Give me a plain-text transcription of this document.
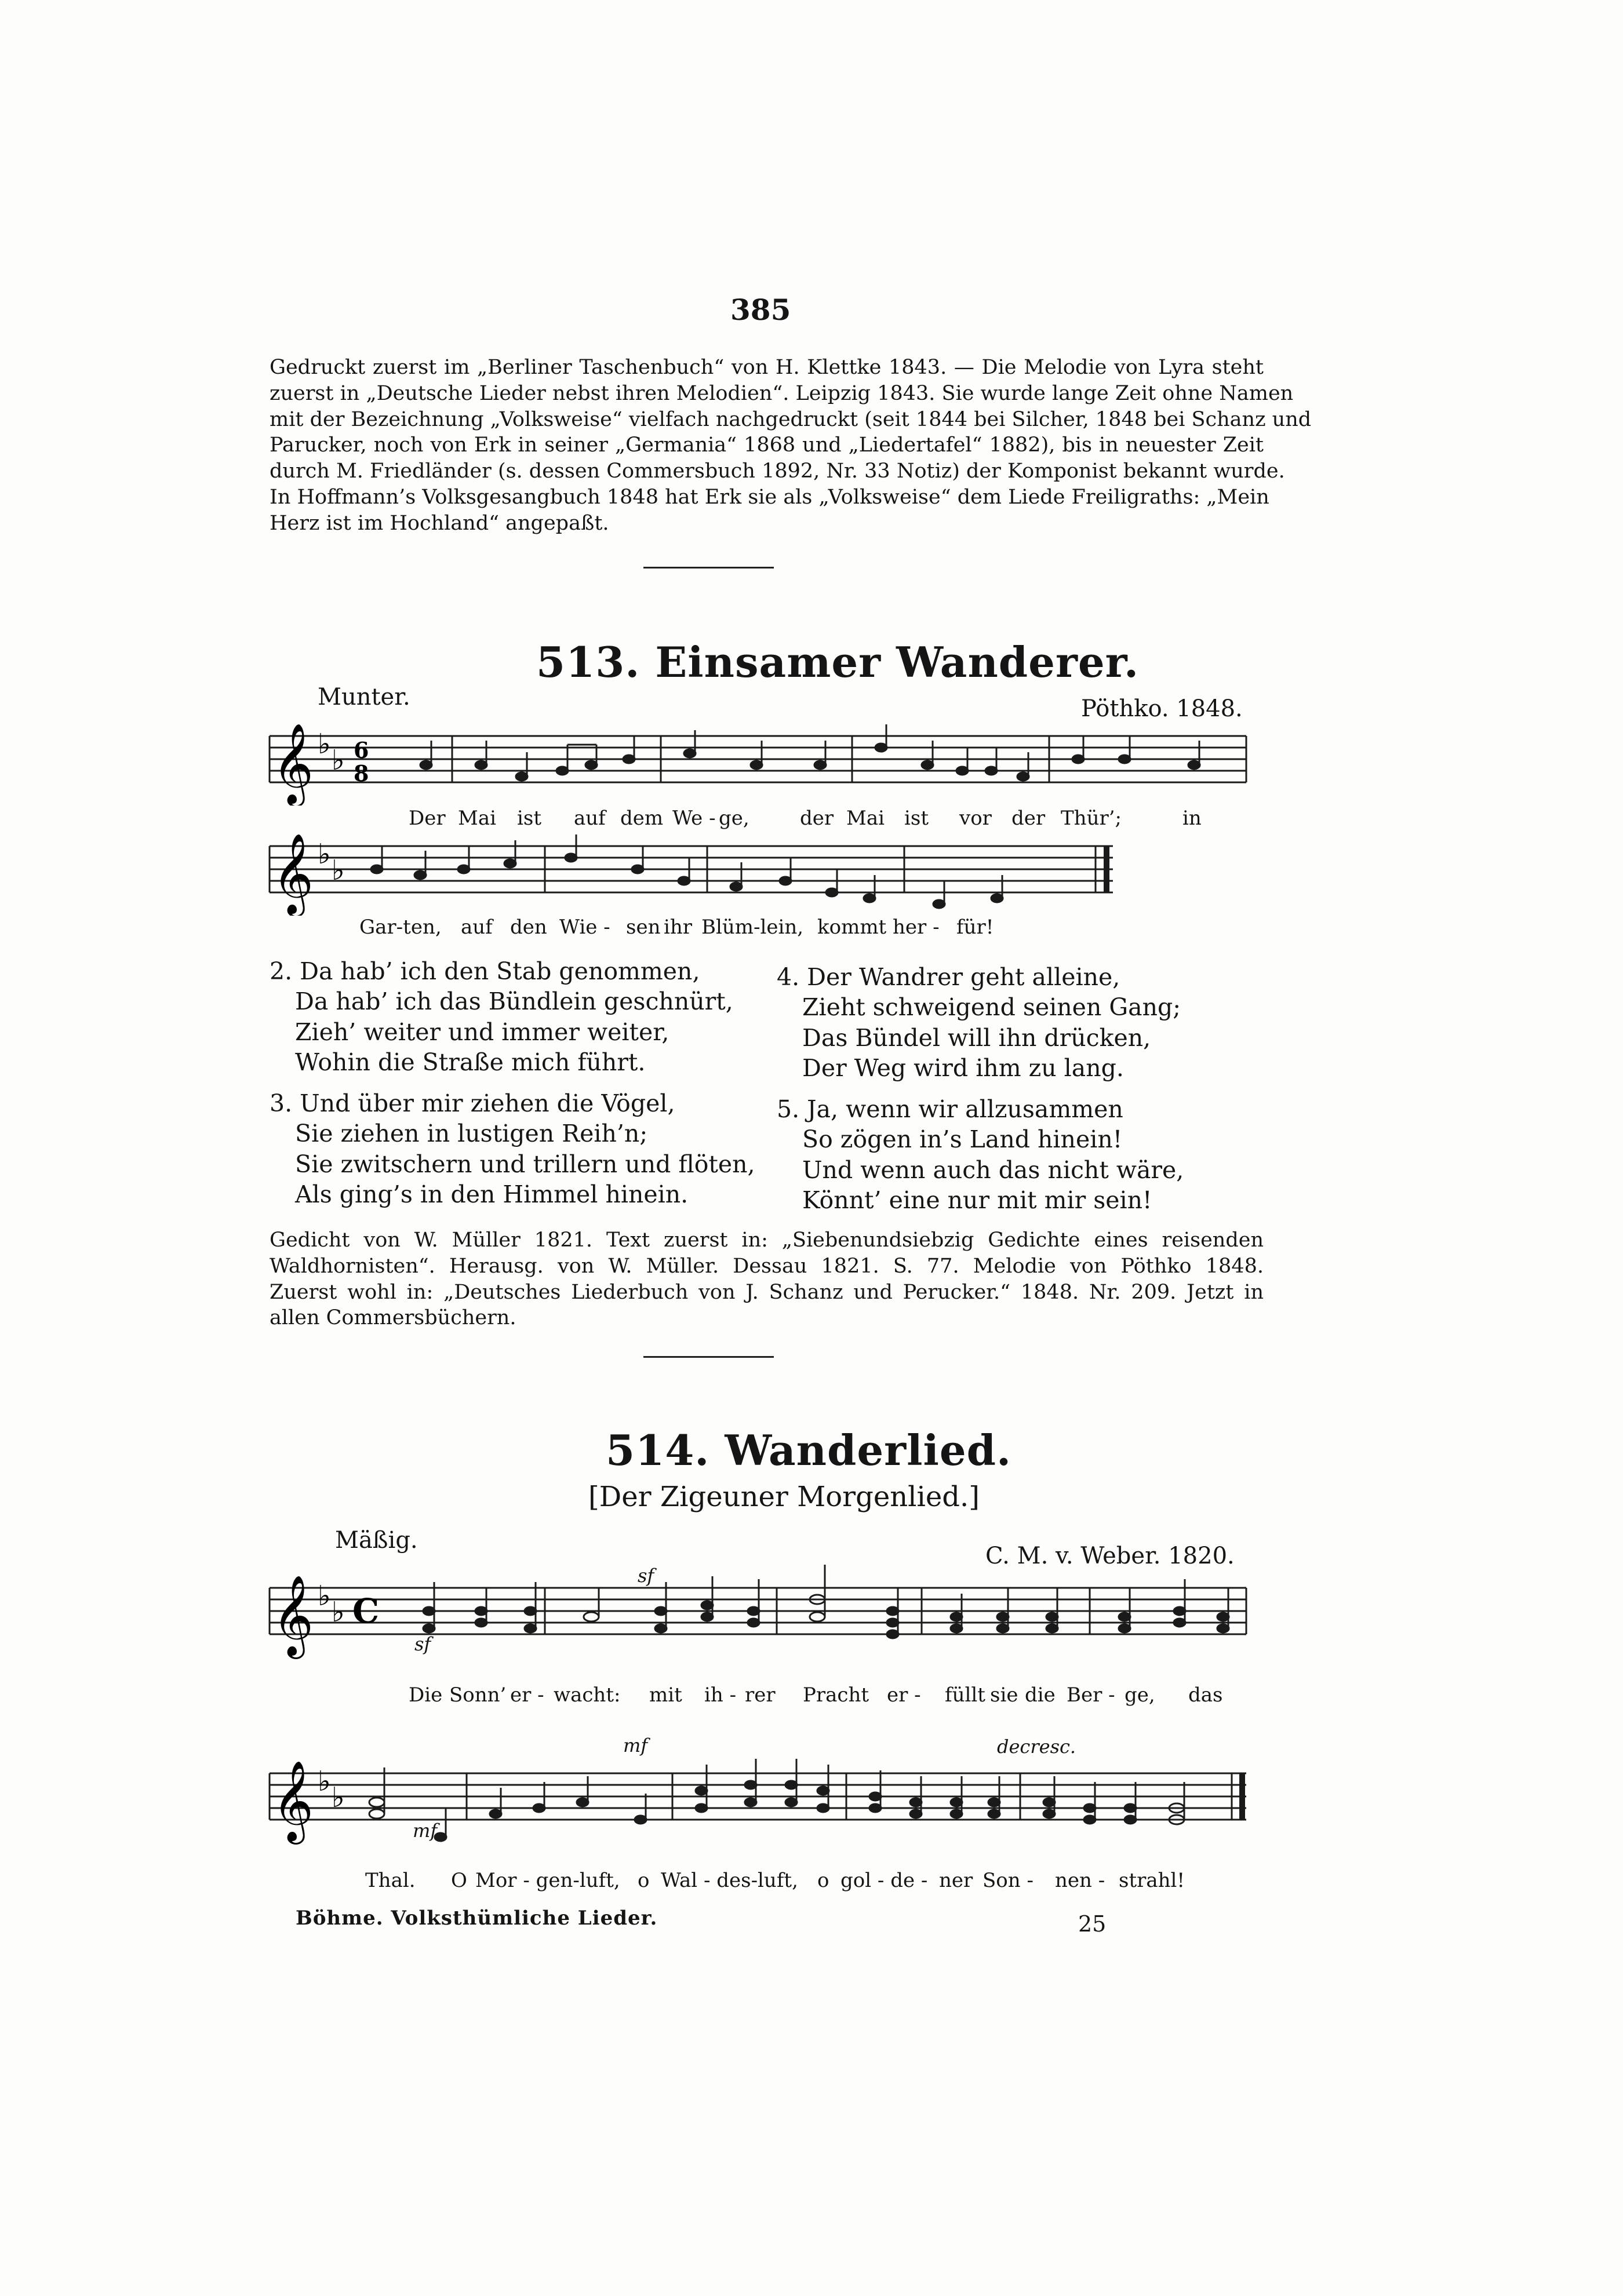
385
Gedruckt zuerst im „Berliner Taschenbuch“ von H. Klettke 1843. — Die Melodie von Lyra steht
zuerst in „Deutsche Lieder nebst ihren Melodien“. Leipzig 1843. Sie wurde lange Zeit ohne Namen
mit der Bezeichnung „Volksweise“ vielfach nachgedruckt (seit 1844 bei Silcher, 1848 bei Schanz und
Parucker, noch von Erk in seiner „Germania“ 1868 und „Liedertafel“ 1882), bis in neuester Zeit
durch M. Friedländer (s. dessen Commersbuch 1892, Nr. 33 Notiz) der Komponist bekannt wurde.
In Hoffmann’s Volksgesangbuch 1848 hat Erk sie als „Volksweise“ dem Liede Freiligraths: „Mein
Herz ist im Hochland“ angepaßt.
513. Einsamer Wanderer.
Munter.	Pöthko. 1848.
𝄞 ♭ ♭ 6
8
Der Mai ist auf dem We - ge,	der Mai ist vor der Thür’;	in
𝄞 ♭ ♭
Gar-ten, auf den Wie - sen ihr Blüm-lein, kommt her - für!
2. Da hab’ ich den Stab genommen,
Da hab’ ich das Bündlein geschnürt,
Zieh’ weiter und immer weiter,
Wohin die Straße mich führt.
3. Und über mir ziehen die Vögel,
Sie ziehen in lustigen Reih’n;
Sie zwitschern und trillern und flöten,
Als ging’s in den Himmel hinein.
4. Der Wandrer geht alleine,
Zieht schweigend seinen Gang;
Das Bündel will ihn drücken,
Der Weg wird ihm zu lang.
5. Ja, wenn wir allzusammen
So zögen in’s Land hinein!
Und wenn auch das nicht wäre,
Könnt’ eine nur mit mir sein!
Gedicht von W. Müller 1821. Text zuerst in: „Siebenundsiebzig Gedichte eines reisenden
Waldhornisten“. Herausg. von W. Müller. Dessau 1821. S. 77. Melodie von Pöthko 1848.
Zuerst wohl in: „Deutsches Liederbuch von J. Schanz und Perucker.“ 1848. Nr. 209. Jetzt in
allen Commersbüchern.
514. Wanderlied.
[Der Zigeuner Morgenlied.]
Mäßig.
C. M. v. Weber. 1820.
𝄞 ♭ ♭ C
sf
sf
Die Sonn’ er - wacht: mit ih - rer Pracht er - füllt sie die Ber - ge, das
𝄞 ♭ ♭
mf	decresc.
mf
Thal. O Mor - gen-luft, o Wal - des-luft, o gol - de - ner Son - nen - strahl!
Böhme. Volksthümliche Lieder.	25
